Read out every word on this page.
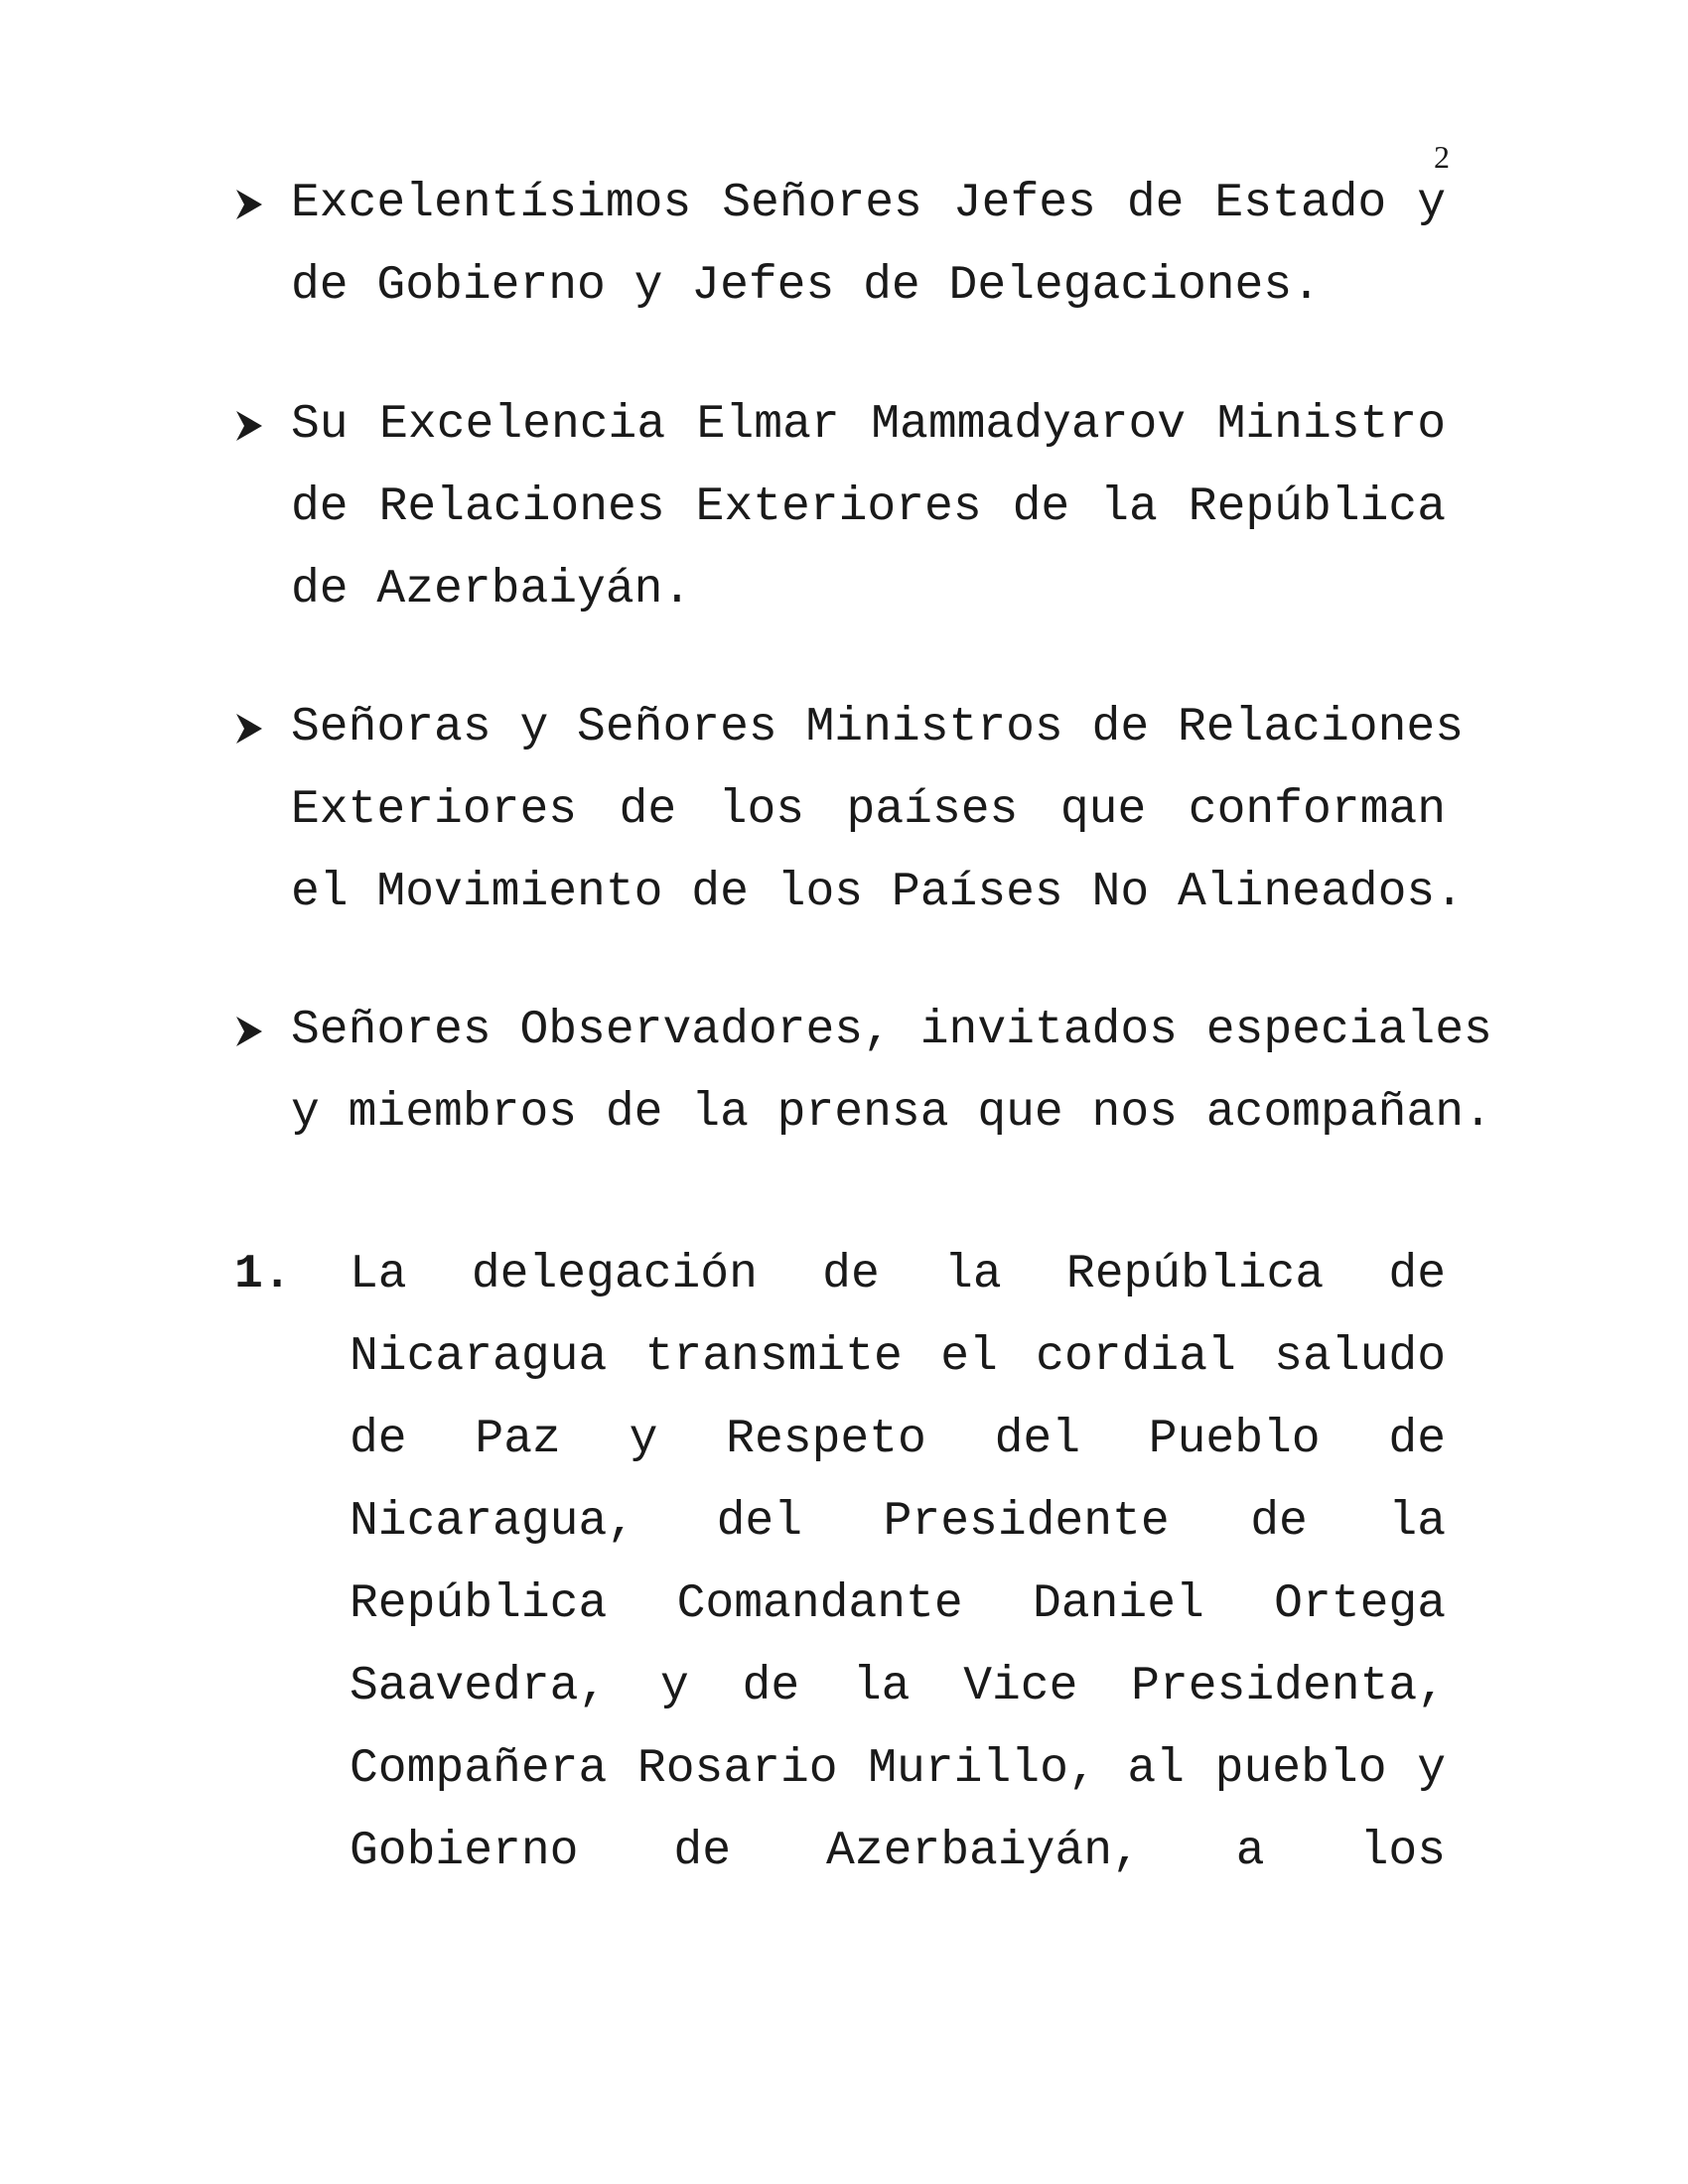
2
Excelentísimos Señores Jefes de Estado y
de Gobierno y Jefes de Delegaciones.
Su Excelencia Elmar Mammadyarov Ministro
de Relaciones Exteriores de la República
de Azerbaiyán.
Señoras y Señores Ministros de Relaciones
Exteriores de los países que conforman
el Movimiento de los Países No Alineados.
Señores Observadores, invitados especiales
y miembros de la prensa que nos acompañan.
1. La delegación de la República de
Nicaragua transmite el cordial saludo
de Paz y Respeto del Pueblo de
Nicaragua, del Presidente de la
República Comandante Daniel Ortega
Saavedra, y de la Vice Presidenta,
Compañera Rosario Murillo, al pueblo y
Gobierno de Azerbaiyán, a los
